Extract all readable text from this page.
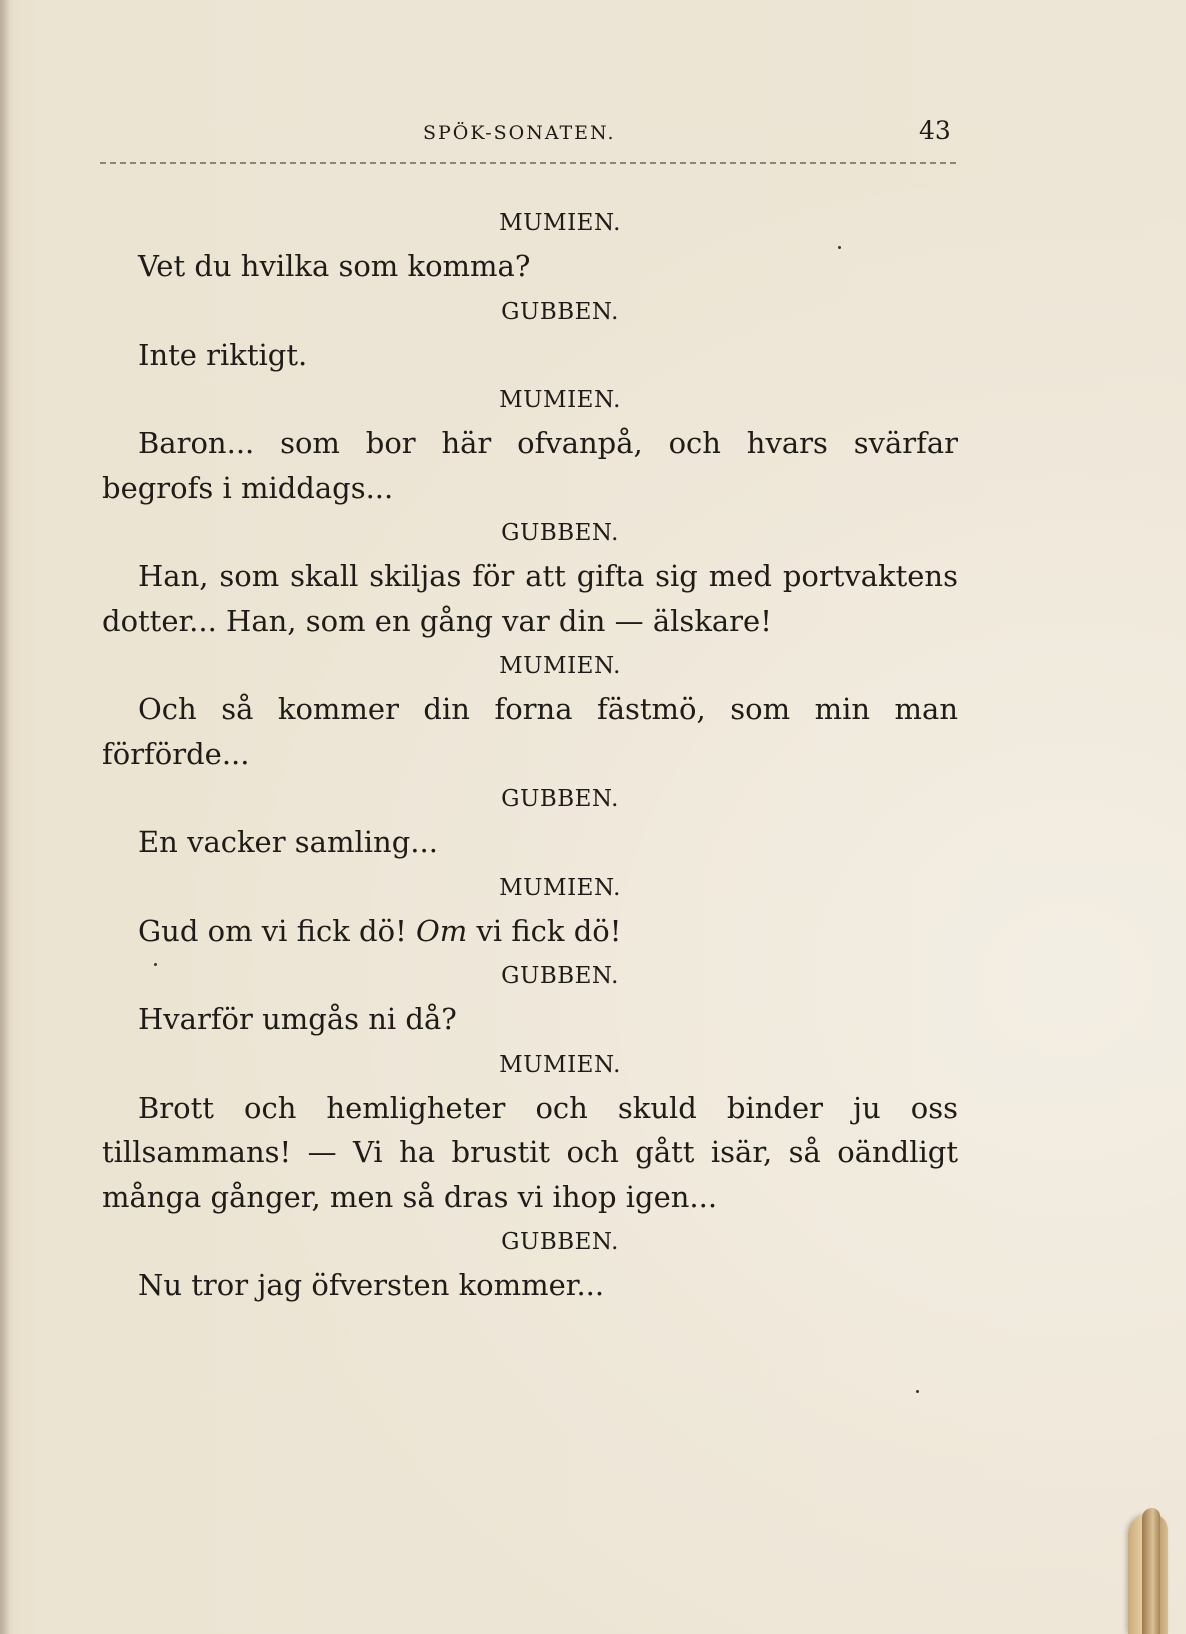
SPÖK-SONATEN.	43
MUMIEN.

Vet du hvilka som komma?

GUBBEN.

Inte riktigt.

MUMIEN.

Baron... som bor här ofvanpå, och hvars svärfar begrofs i middags...

GUBBEN.

Han, som skall skiljas för att gifta sig med portvaktens dotter... Han, som en gång var din — älskare!

MUMIEN.

Och så kommer din forna fästmö, som min man förförde...

GUBBEN.

En vacker samling...

MUMIEN.

Gud om vi fick dö! Om vi fick dö!

GUBBEN.

Hvarför umgås ni då?

MUMIEN.

Brott och hemligheter och skuld binder ju oss tillsammans! — Vi ha brustit och gått isär, så oändligt många gånger, men så dras vi ihop igen...

GUBBEN.

Nu tror jag öfversten kommer...
